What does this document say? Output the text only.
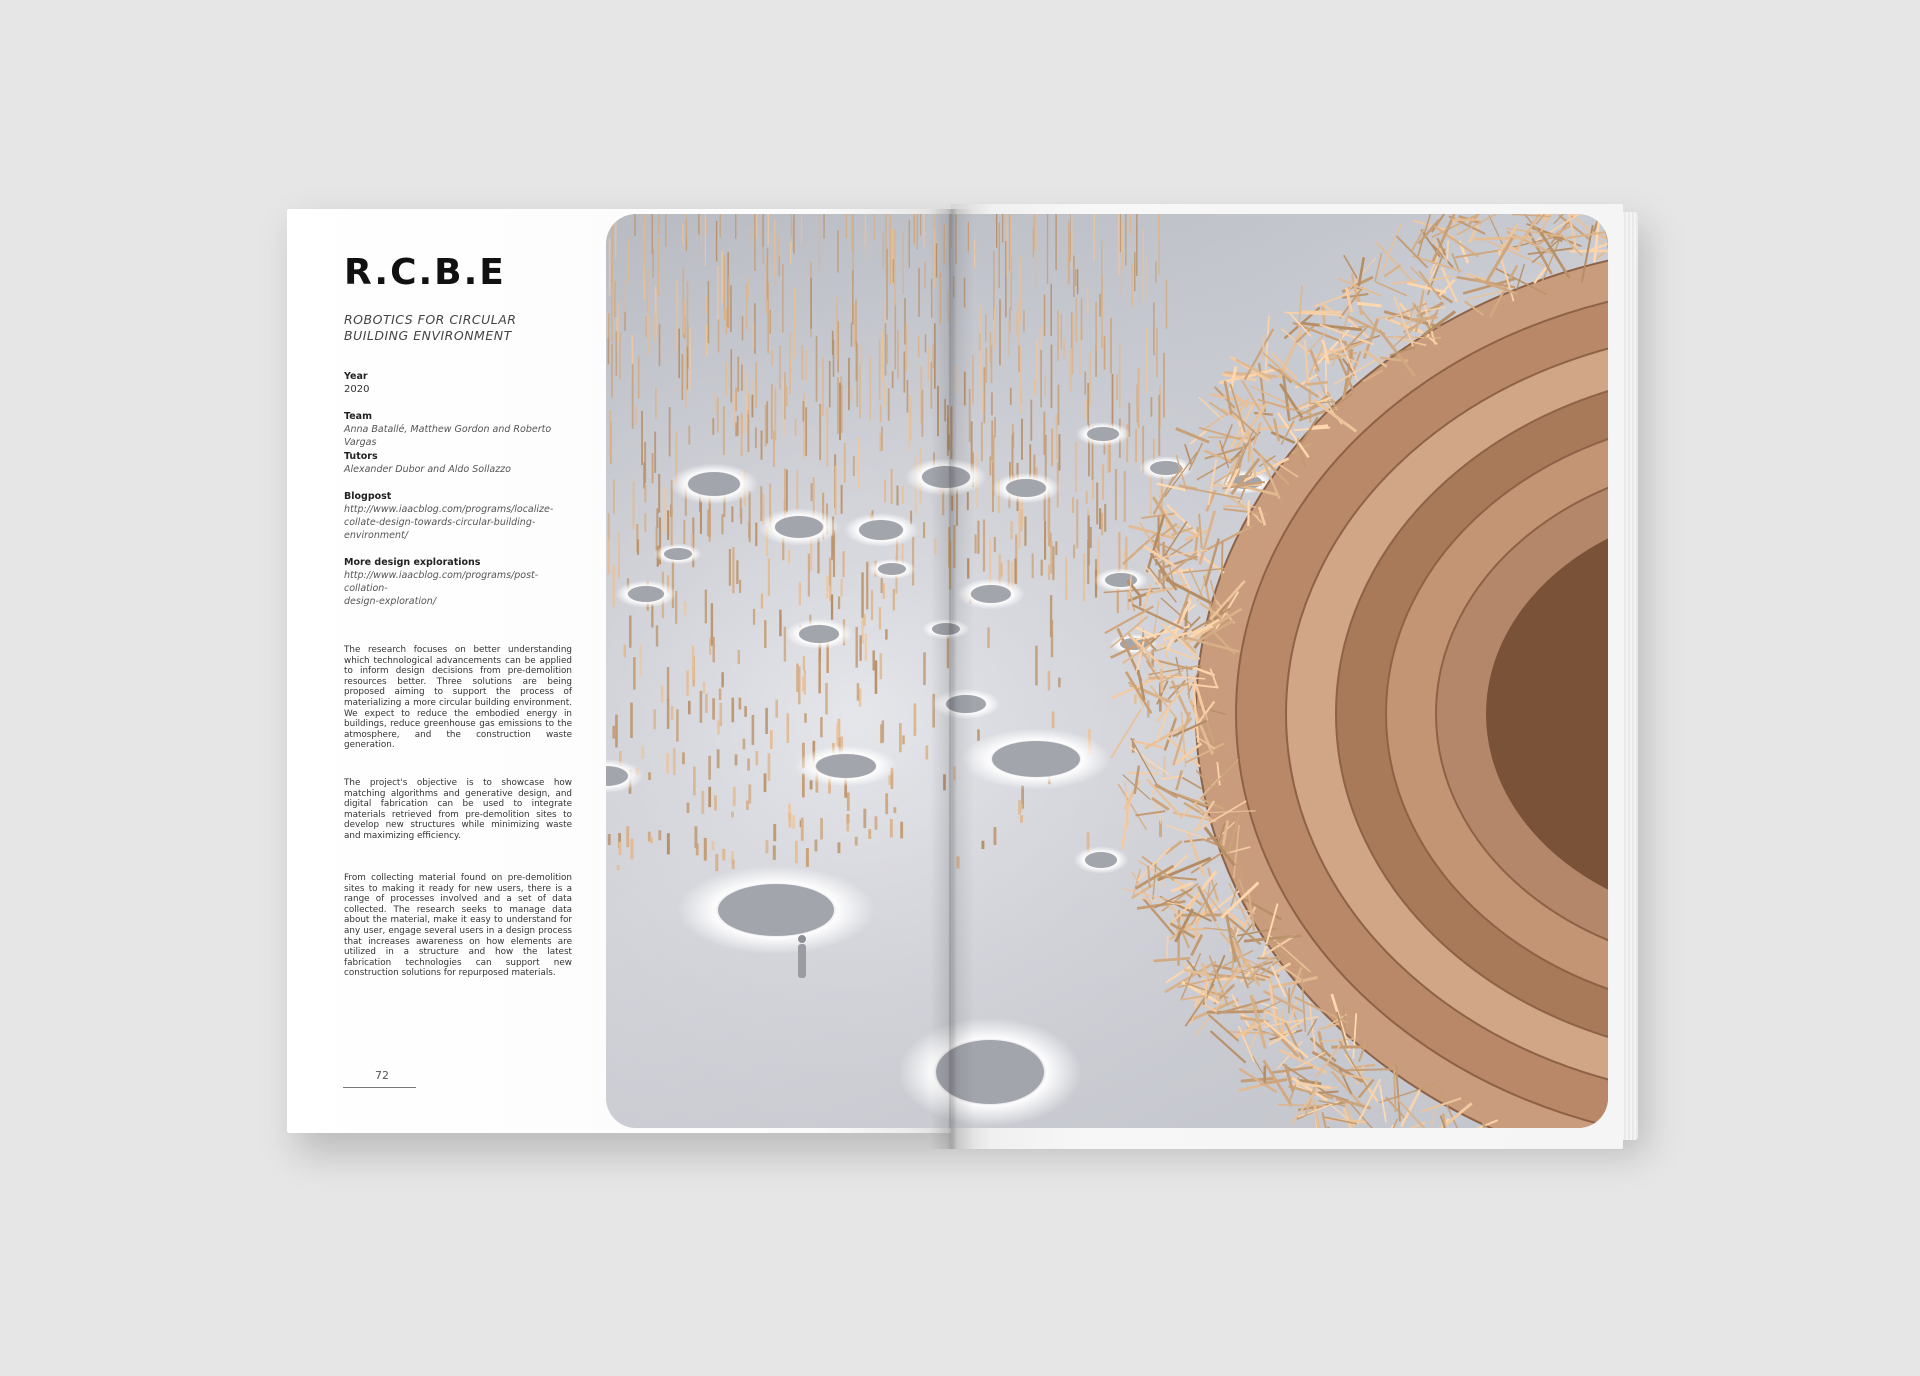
R.C.B.E
ROBOTICS FOR CIRCULAR
BUILDING ENVIRONMENT
Year
2020
Team
Anna Batallé, Matthew Gordon and Roberto Vargas
Tutors
Alexander Dubor and Aldo Sollazzo
Blogpost
http://www.iaacblog.com/programs/localize-
collate-design-towards-circular-building-
environment/
More design explorations
http://www.iaacblog.com/programs/post-collation-
design-exploration/

The research focuses on better understanding which technological advancements can be applied to inform design decisions from pre-demolition resources better. Three solutions are being proposed aiming to support the process of materializing a more circular building environment. We expect to reduce the embodied energy in buildings, reduce greenhouse gas emissions to the atmosphere, and the construction waste generation.

The project's objective is to showcase how matching algorithms and generative design, and digital fabrication can be used to integrate materials retrieved from pre-demolition sites to develop new structures while minimizing waste and maximizing efficiency.

From collecting material found on pre-demolition sites to making it ready for new users, there is a range of processes involved and a set of data collected. The research seeks to manage data about the material, make it easy to understand for any user, engage several users in a design process that increases awareness on how elements are utilized in a structure and how the latest fabrication technologies can support new construction solutions for repurposed materials.

72
